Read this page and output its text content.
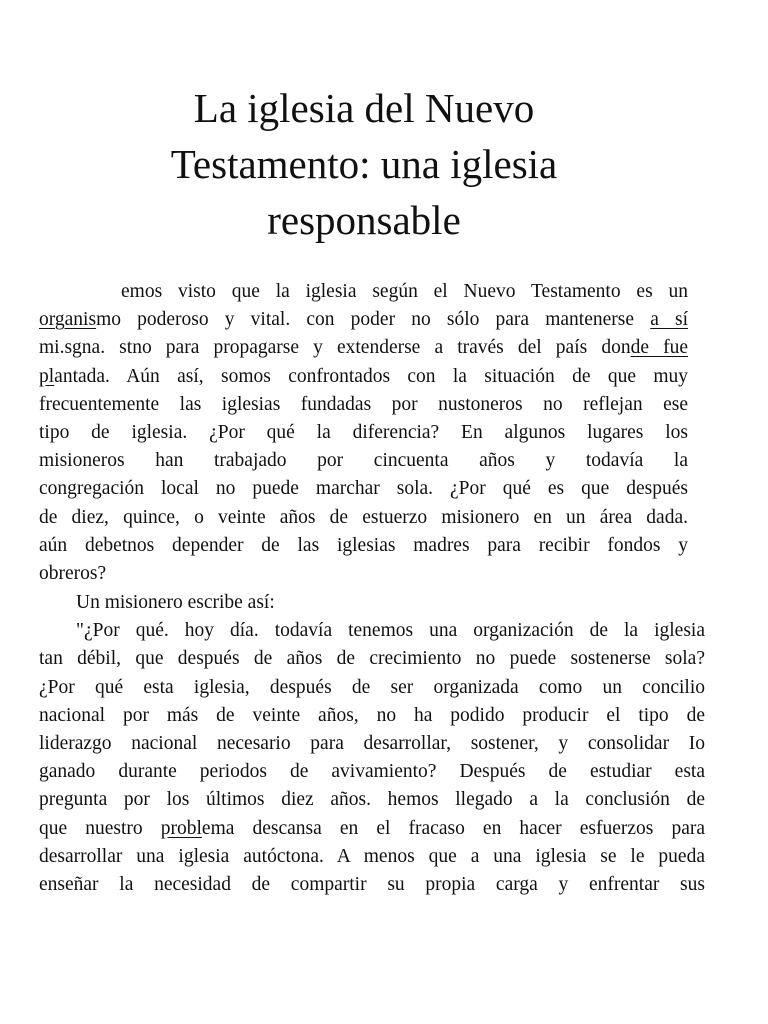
La iglesia del Nuevo
Testamento: una iglesia
responsable
emos visto que la iglesia según el Nuevo Testamento es un
organismo poderoso y vital. con poder no sólo para mantenerse a sí
mi.sgna. stno para propagarse y extenderse a través del país donde fue
plantada. Aún así, somos confrontados con la situación de que muy
frecuentemente las iglesias fundadas por nustoneros no reflejan ese
tipo de iglesia. ¿Por qué la diferencia? En algunos lugares los
misioneros han trabajado por cincuenta años y todavía la
congregación local no puede marchar sola. ¿Por qué es que después
de diez, quince, o veinte años de estuerzo misionero en un área dada.
aún debetnos depender de las iglesias madres para recibir fondos y
obreros?
Un misionero escribe así:
"¿Por qué. hoy día. todavía tenemos una organización de la iglesia
tan débil, que después de años de crecimiento no puede sostenerse sola?
¿Por qué esta iglesia, después de ser organizada como un concilio
nacional por más de veinte años, no ha podido producir el tipo de
liderazgo nacional necesario para desarrollar, sostener, y consolidar Io
ganado durante periodos de avivamiento? Después de estudiar esta
pregunta por los últimos diez años. hemos llegado a la conclusión de
que nuestro problema descansa en el fracaso en hacer esfuerzos para
desarrollar una iglesia autóctona. A menos que a una iglesia se le pueda
enseñar la necesidad de compartir su propia carga y enfrentar sus
